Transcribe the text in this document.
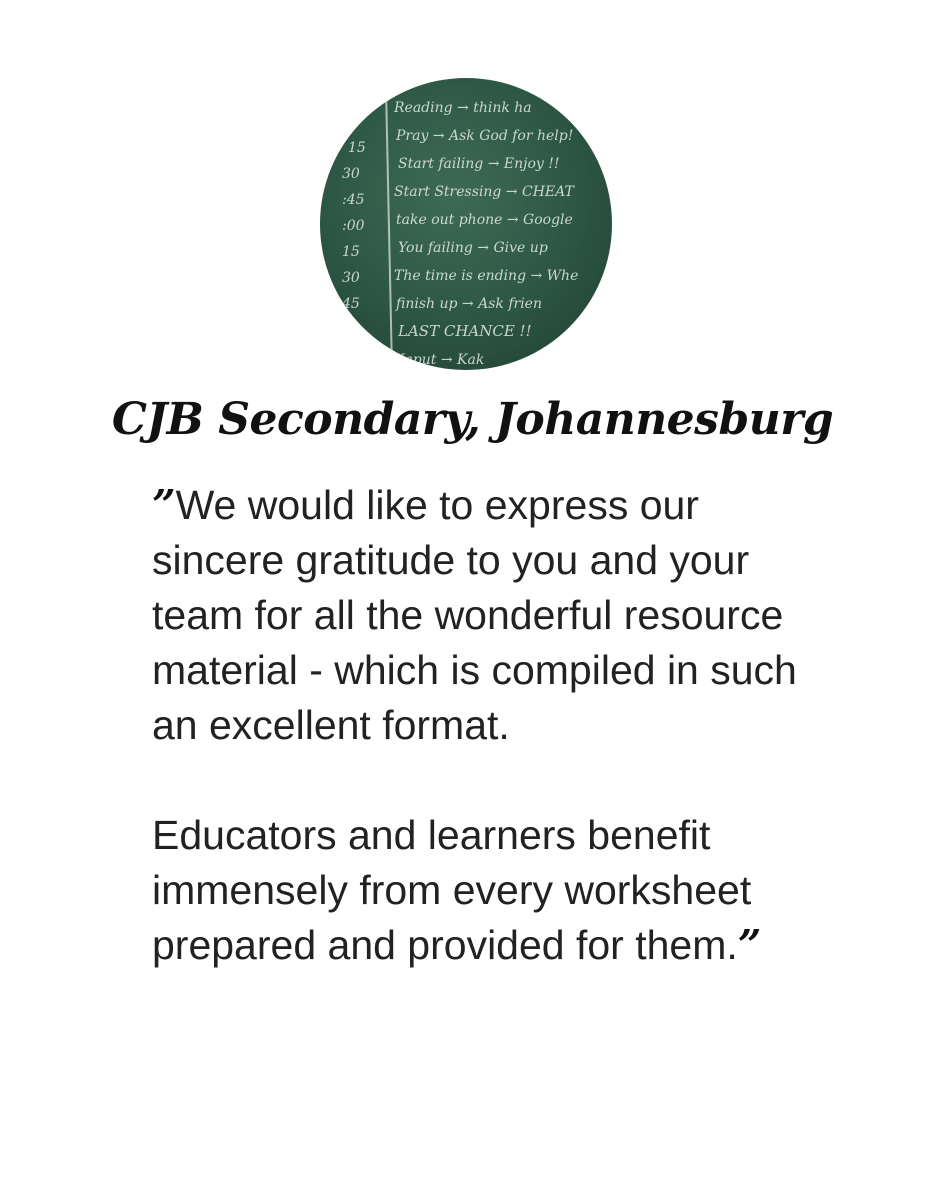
15
30
:45
:00
15
30
45
Reading → think ha
Pray → Ask God for help!
Start failing → Enjoy !!
Start Stressing → CHEAT
take out phone → Google
You failing → Give up
The time is ending → Whe
finish up → Ask frien
LAST CHANCE !!
Kaput → Kak
CJB Secondary, Johannesburg

”We would like to express our sincere gratitude to you and your team for all the wonderful resource material - which is compiled in such an excellent format.

Educators and learners benefit immensely from every worksheet prepared and provided for them.”
